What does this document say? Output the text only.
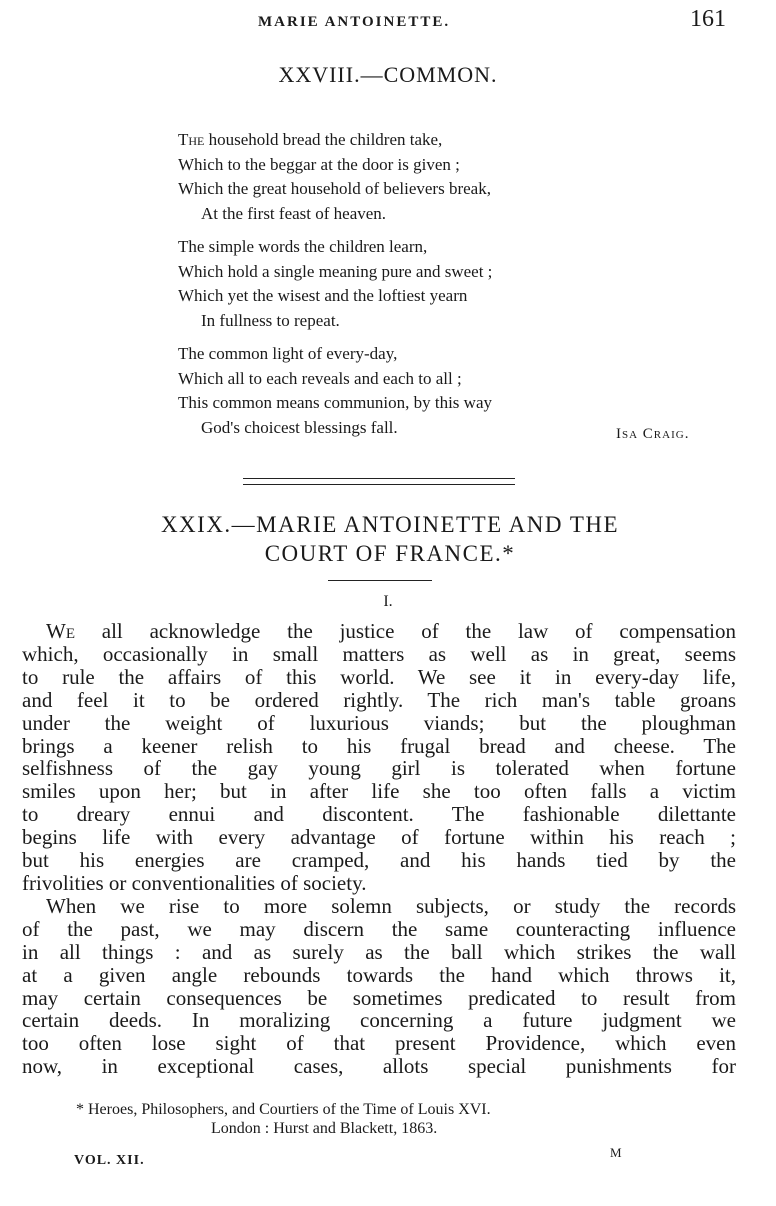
MARIE ANTOINETTE.	161
XXVIII.—COMMON.
The household bread the children take,
Which to the beggar at the door is given ;
Which the great household of believers break,
At the first feast of heaven.
The simple words the children learn,
Which hold a single meaning pure and sweet ;
Which yet the wisest and the loftiest yearn
In fullness to repeat.
The common light of every-day,
Which all to each reveals and each to all ;
This common means communion, by this way
God's choicest blessings fall.	Isa Craig.
XXIX.—MARIE ANTOINETTE AND THE
COURT OF FRANCE.*
I.

We all acknowledge the justice of the law of compensation

which, occasionally in small matters as well as in great, seems

to rule the affairs of this world. We see it in every-day life,

and feel it to be ordered rightly. The rich man's table groans

under the weight of luxurious viands; but the ploughman

brings a keener relish to his frugal bread and cheese. The

selfishness of the gay young girl is tolerated when fortune

smiles upon her; but in after life she too often falls a victim

to dreary ennui and discontent. The fashionable dilettante

begins life with every advantage of fortune within his reach ;

but his energies are cramped, and his hands tied by the

frivolities or conventionalities of society.

When we rise to more solemn subjects, or study the records

of the past, we may discern the same counteracting influence

in all things : and as surely as the ball which strikes the wall

at a given angle rebounds towards the hand which throws it,

may certain consequences be sometimes predicated to result from

certain deeds. In moralizing concerning a future judgment we

too often lose sight of that present Providence, which even

now, in exceptional cases, allots special punishments for

* Heroes, Philosophers, and Courtiers of the Time of Louis XVI.
London : Hurst and Blackett, 1863.
VOL. XII.
M
